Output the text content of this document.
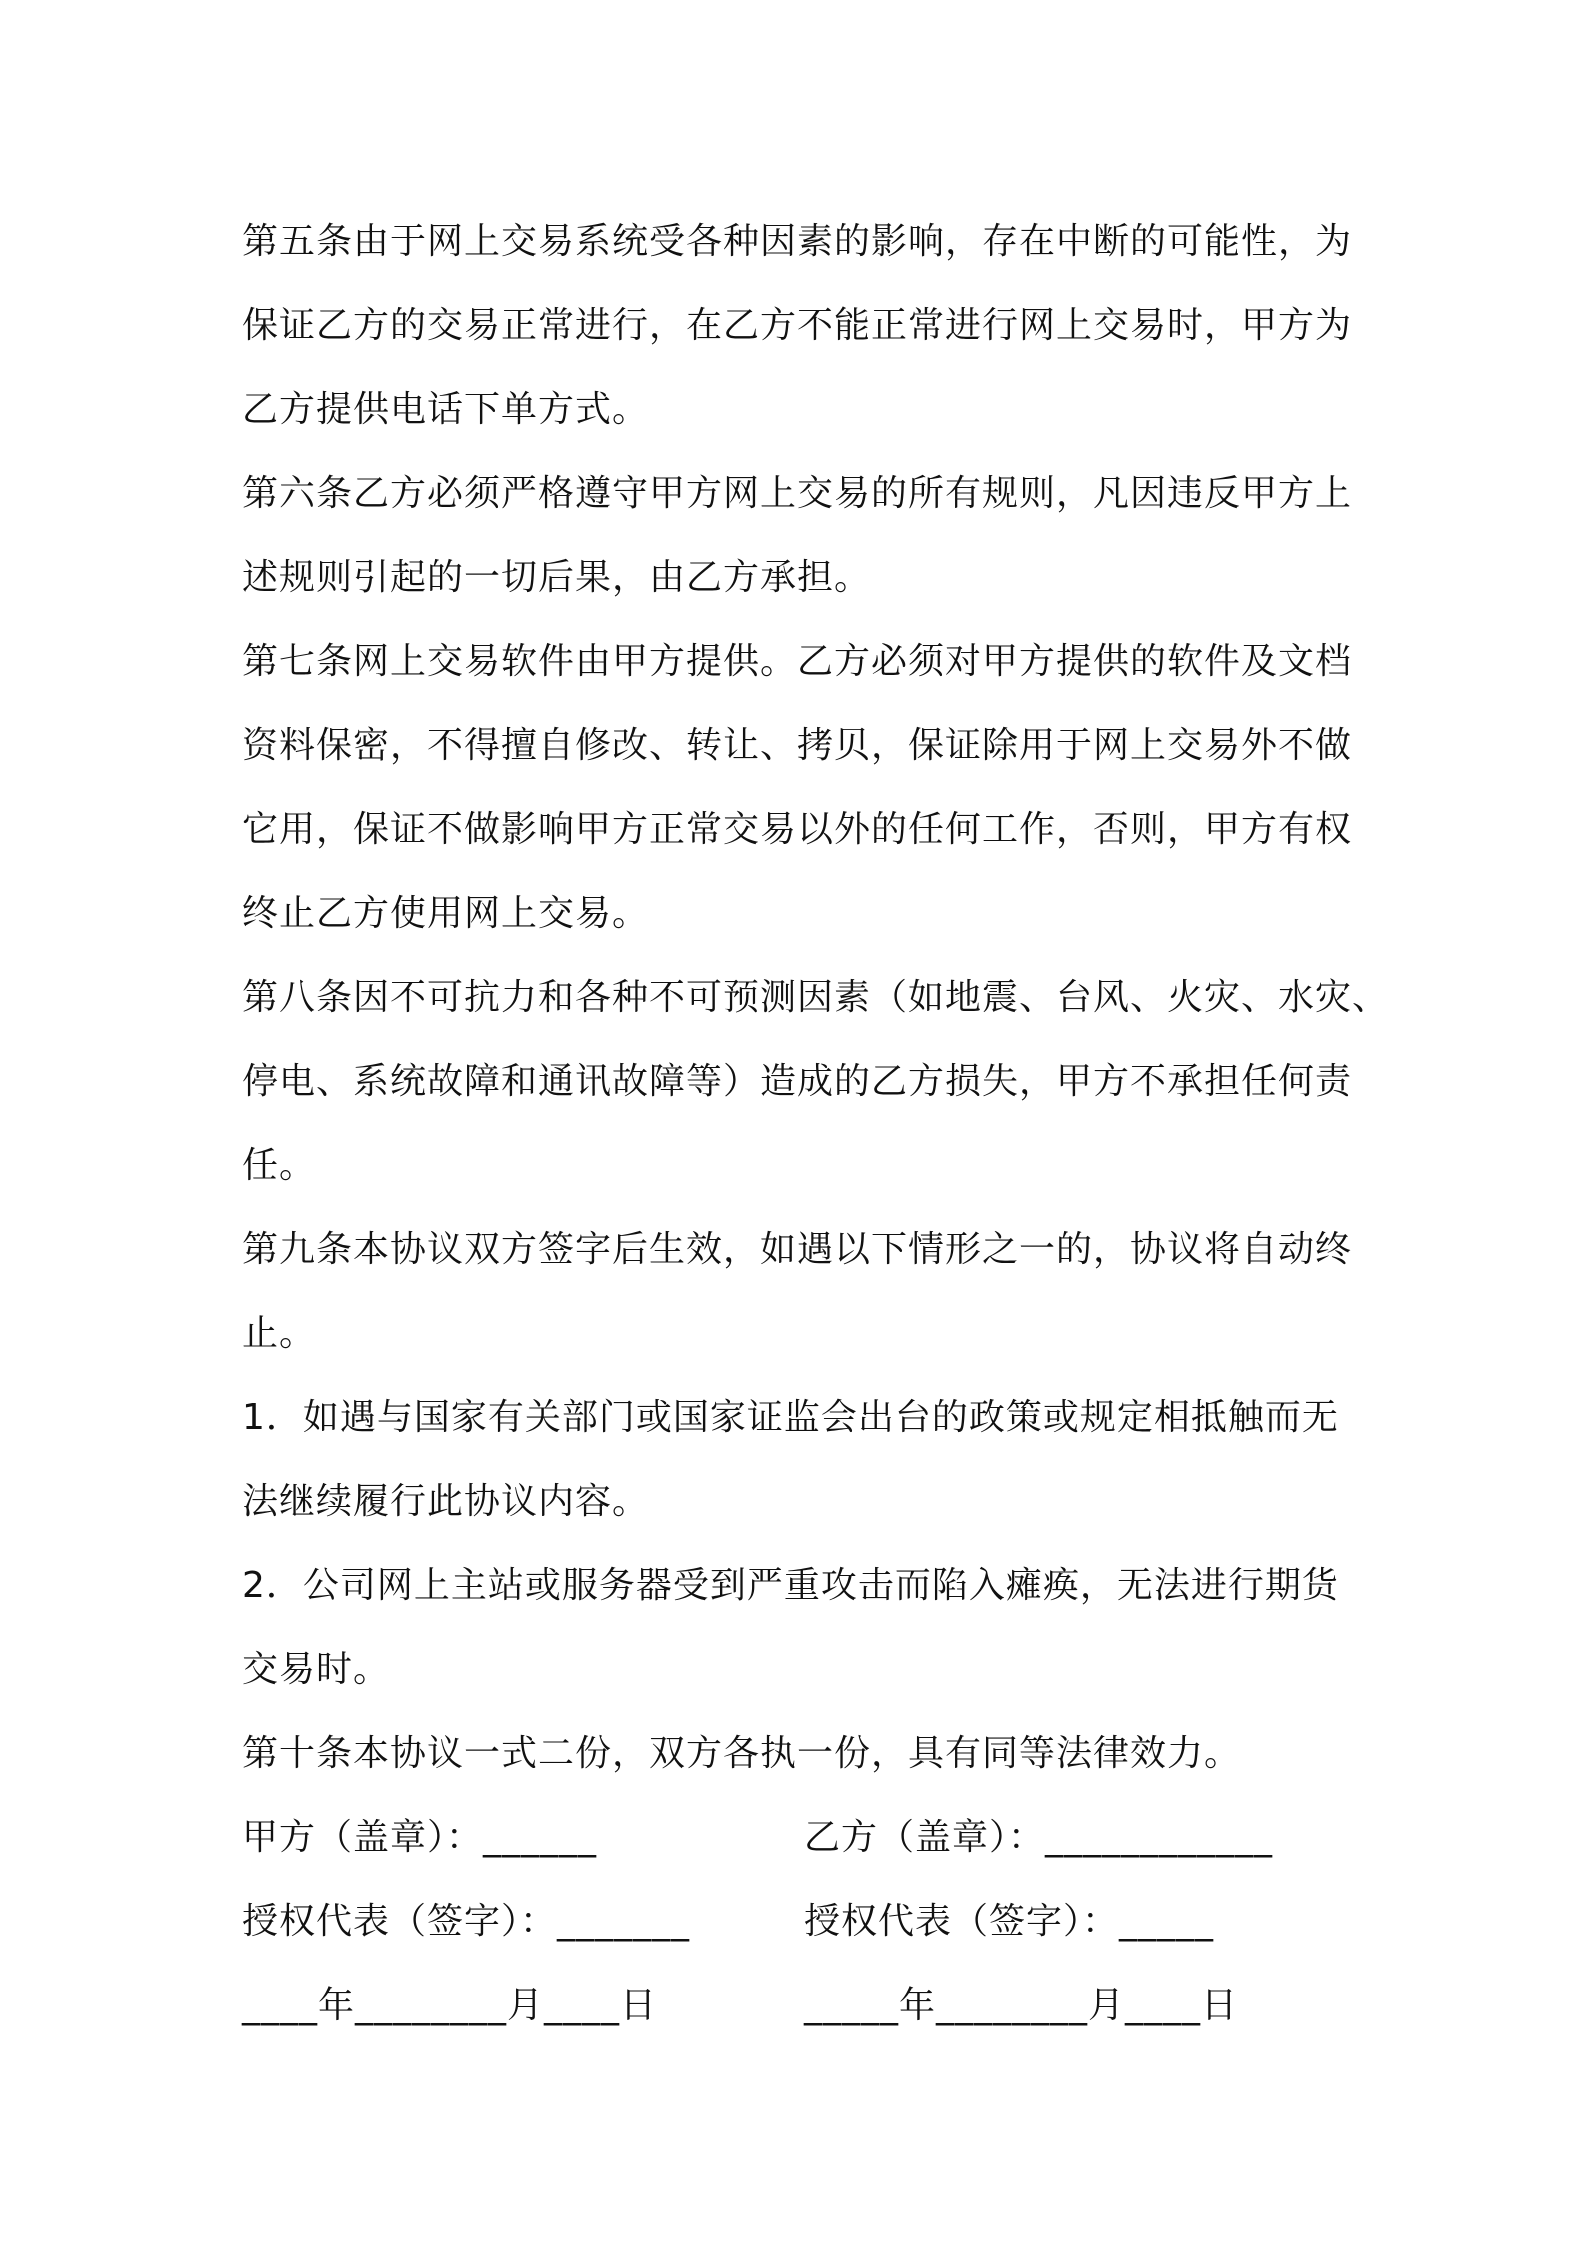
第五条由于网上交易系统受各种因素的影响，存在中断的可能性，为
保证乙方的交易正常进行，在乙方不能正常进行网上交易时，甲方为
乙方提供电话下单方式。
第六条乙方必须严格遵守甲方网上交易的所有规则，凡因违反甲方上
述规则引起的一切后果，由乙方承担。
第七条网上交易软件由甲方提供。乙方必须对甲方提供的软件及文档
资料保密，不得擅自修改、转让、拷贝，保证除用于网上交易外不做
它用，保证不做影响甲方正常交易以外的任何工作，否则，甲方有权
终止乙方使用网上交易。
第八条因不可抗力和各种不可预测因素（如地震、台风、火灾、水灾、
停电、系统故障和通讯故障等）造成的乙方损失，甲方不承担任何责
任。
第九条本协议双方签字后生效，如遇以下情形之一的，协议将自动终
止。
1．如遇与国家有关部门或国家证监会出台的政策或规定相抵触而无
法继续履行此协议内容。
2．公司网上主站或服务器受到严重攻击而陷入瘫痪，无法进行期货
交易时。
第十条本协议一式二份，双方各执一份，具有同等法律效力。
甲方（盖章）：______	乙方（盖章）：____________
授权代表（签字）：_______	授权代表（签字）：_____
____年________月____日	_____年________月____日
